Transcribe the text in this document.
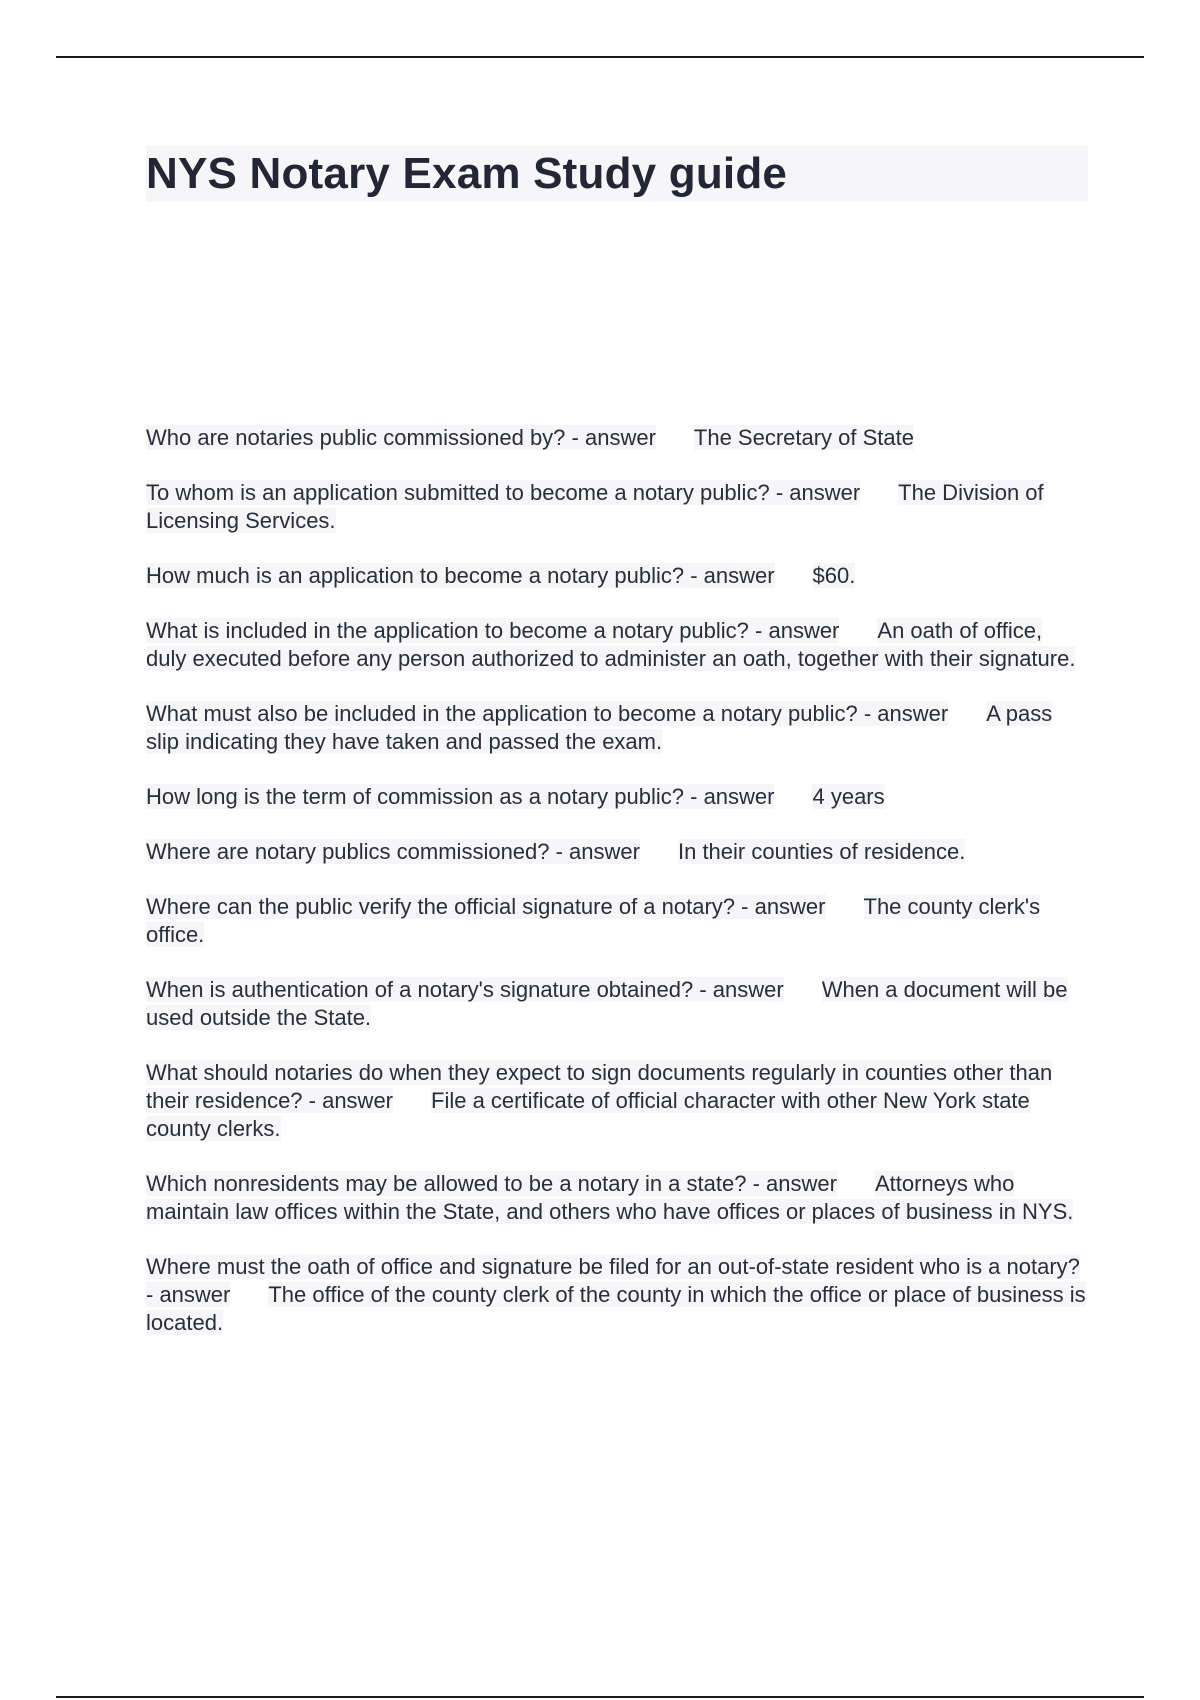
NYS Notary Exam Study guide

Who are notaries public commissioned by? - answer The Secretary of State

To whom is an application submitted to become a notary public? - answer The Division of Licensing Services.

How much is an application to become a notary public? - answer $60.

What is included in the application to become a notary public? - answer An oath of office, duly executed before any person authorized to administer an oath, together with their signature.

What must also be included in the application to become a notary public? - answer A pass slip indicating they have taken and passed the exam.

How long is the term of commission as a notary public? - answer 4 years

Where are notary publics commissioned? - answer In their counties of residence.

Where can the public verify the official signature of a notary? - answer The county clerk's office.

When is authentication of a notary's signature obtained? - answer When a document will be used outside the State.

What should notaries do when they expect to sign documents regularly in counties other than their residence? - answer File a certificate of official character with other New York state county clerks.

Which nonresidents may be allowed to be a notary in a state? - answer Attorneys who maintain law offices within the State, and others who have offices or places of business in NYS.

Where must the oath of office and signature be filed for an out-of-state resident who is a notary? - answer The office of the county clerk of the county in which the office or place of business is located.
